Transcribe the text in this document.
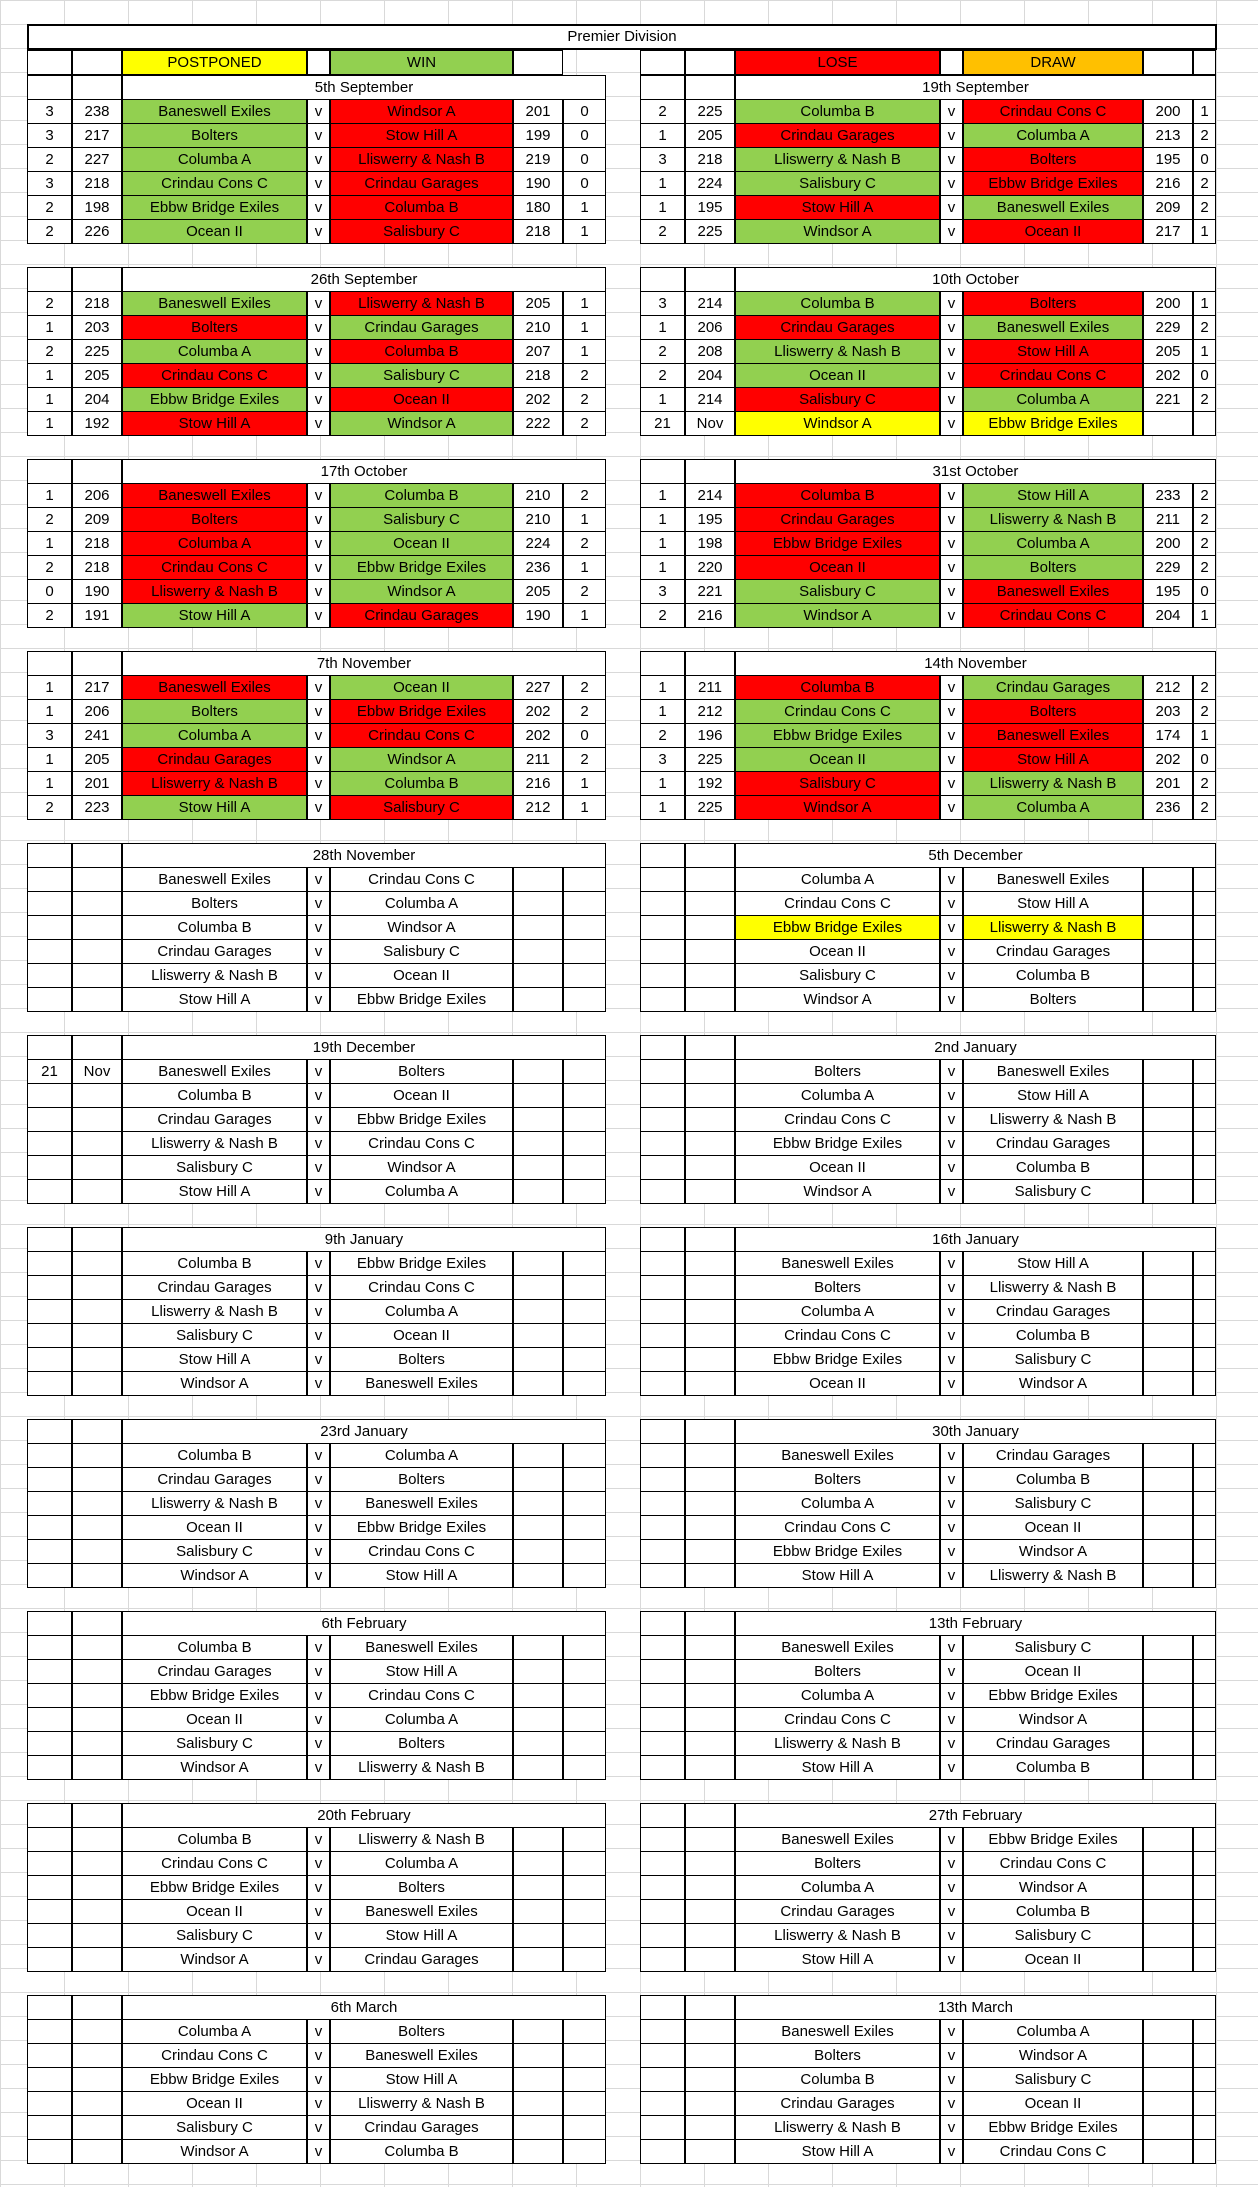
Premier Division
POSTPONED	WIN	LOSE	DRAW
5th September
3	238	Baneswell Exiles	v	Windsor A	201	0
3	217	Bolters	v	Stow Hill A	199	0
2	227	Columba A	v	Lliswerry & Nash B	219	0
3	218	Crindau Cons C	v	Crindau Garages	190	0
2	198	Ebbw Bridge Exiles	v	Columba B	180	1
2	226	Ocean II	v	Salisbury C	218	1
19th September
2	225	Columba B	v	Crindau Cons C	200	1
1	205	Crindau Garages	v	Columba A	213	2
3	218	Lliswerry & Nash B	v	Bolters	195	0
1	224	Salisbury C	v	Ebbw Bridge Exiles	216	2
1	195	Stow Hill A	v	Baneswell Exiles	209	2
2	225	Windsor A	v	Ocean II	217	1
26th September
2	218	Baneswell Exiles	v	Lliswerry & Nash B	205	1
1	203	Bolters	v	Crindau Garages	210	1
2	225	Columba A	v	Columba B	207	1
1	205	Crindau Cons C	v	Salisbury C	218	2
1	204	Ebbw Bridge Exiles	v	Ocean II	202	2
1	192	Stow Hill A	v	Windsor A	222	2
10th October
3	214	Columba B	v	Bolters	200	1
1	206	Crindau Garages	v	Baneswell Exiles	229	2
2	208	Lliswerry & Nash B	v	Stow Hill A	205	1
2	204	Ocean II	v	Crindau Cons C	202	0
1	214	Salisbury C	v	Columba A	221	2
21	Nov	Windsor A	v	Ebbw Bridge Exiles
17th October
1	206	Baneswell Exiles	v	Columba B	210	2
2	209	Bolters	v	Salisbury C	210	1
1	218	Columba A	v	Ocean II	224	2
2	218	Crindau Cons C	v	Ebbw Bridge Exiles	236	1
0	190	Lliswerry & Nash B	v	Windsor A	205	2
2	191	Stow Hill A	v	Crindau Garages	190	1
31st October
1	214	Columba B	v	Stow Hill A	233	2
1	195	Crindau Garages	v	Lliswerry & Nash B	211	2
1	198	Ebbw Bridge Exiles	v	Columba A	200	2
1	220	Ocean II	v	Bolters	229	2
3	221	Salisbury C	v	Baneswell Exiles	195	0
2	216	Windsor A	v	Crindau Cons C	204	1
7th November
1	217	Baneswell Exiles	v	Ocean II	227	2
1	206	Bolters	v	Ebbw Bridge Exiles	202	2
3	241	Columba A	v	Crindau Cons C	202	0
1	205	Crindau Garages	v	Windsor A	211	2
1	201	Lliswerry & Nash B	v	Columba B	216	1
2	223	Stow Hill A	v	Salisbury C	212	1
14th November
1	211	Columba B	v	Crindau Garages	212	2
1	212	Crindau Cons C	v	Bolters	203	2
2	196	Ebbw Bridge Exiles	v	Baneswell Exiles	174	1
3	225	Ocean II	v	Stow Hill A	202	0
1	192	Salisbury C	v	Lliswerry & Nash B	201	2
1	225	Windsor A	v	Columba A	236	2
28th November
Baneswell Exiles	v	Crindau Cons C
Bolters	v	Columba A
Columba B	v	Windsor A
Crindau Garages	v	Salisbury C
Lliswerry & Nash B	v	Ocean II
Stow Hill A	v	Ebbw Bridge Exiles
5th December
Columba A	v	Baneswell Exiles
Crindau Cons C	v	Stow Hill A
Ebbw Bridge Exiles	v	Lliswerry & Nash B
Ocean II	v	Crindau Garages
Salisbury C	v	Columba B
Windsor A	v	Bolters
19th December
21	Nov	Baneswell Exiles	v	Bolters
Columba B	v	Ocean II
Crindau Garages	v	Ebbw Bridge Exiles
Lliswerry & Nash B	v	Crindau Cons C
Salisbury C	v	Windsor A
Stow Hill A	v	Columba A
2nd January
Bolters	v	Baneswell Exiles
Columba A	v	Stow Hill A
Crindau Cons C	v	Lliswerry & Nash B
Ebbw Bridge Exiles	v	Crindau Garages
Ocean II	v	Columba B
Windsor A	v	Salisbury C
9th January
Columba B	v	Ebbw Bridge Exiles
Crindau Garages	v	Crindau Cons C
Lliswerry & Nash B	v	Columba A
Salisbury C	v	Ocean II
Stow Hill A	v	Bolters
Windsor A	v	Baneswell Exiles
16th January
Baneswell Exiles	v	Stow Hill A
Bolters	v	Lliswerry & Nash B
Columba A	v	Crindau Garages
Crindau Cons C	v	Columba B
Ebbw Bridge Exiles	v	Salisbury C
Ocean II	v	Windsor A
23rd January
Columba B	v	Columba A
Crindau Garages	v	Bolters
Lliswerry & Nash B	v	Baneswell Exiles
Ocean II	v	Ebbw Bridge Exiles
Salisbury C	v	Crindau Cons C
Windsor A	v	Stow Hill A
30th January
Baneswell Exiles	v	Crindau Garages
Bolters	v	Columba B
Columba A	v	Salisbury C
Crindau Cons C	v	Ocean II
Ebbw Bridge Exiles	v	Windsor A
Stow Hill A	v	Lliswerry & Nash B
6th February
Columba B	v	Baneswell Exiles
Crindau Garages	v	Stow Hill A
Ebbw Bridge Exiles	v	Crindau Cons C
Ocean II	v	Columba A
Salisbury C	v	Bolters
Windsor A	v	Lliswerry & Nash B
13th February
Baneswell Exiles	v	Salisbury C
Bolters	v	Ocean II
Columba A	v	Ebbw Bridge Exiles
Crindau Cons C	v	Windsor A
Lliswerry & Nash B	v	Crindau Garages
Stow Hill A	v	Columba B
20th February
Columba B	v	Lliswerry & Nash B
Crindau Cons C	v	Columba A
Ebbw Bridge Exiles	v	Bolters
Ocean II	v	Baneswell Exiles
Salisbury C	v	Stow Hill A
Windsor A	v	Crindau Garages
27th February
Baneswell Exiles	v	Ebbw Bridge Exiles
Bolters	v	Crindau Cons C
Columba A	v	Windsor A
Crindau Garages	v	Columba B
Lliswerry & Nash B	v	Salisbury C
Stow Hill A	v	Ocean II
6th March
Columba A	v	Bolters
Crindau Cons C	v	Baneswell Exiles
Ebbw Bridge Exiles	v	Stow Hill A
Ocean II	v	Lliswerry & Nash B
Salisbury C	v	Crindau Garages
Windsor A	v	Columba B
13th March
Baneswell Exiles	v	Columba A
Bolters	v	Windsor A
Columba B	v	Salisbury C
Crindau Garages	v	Ocean II
Lliswerry & Nash B	v	Ebbw Bridge Exiles
Stow Hill A	v	Crindau Cons C
